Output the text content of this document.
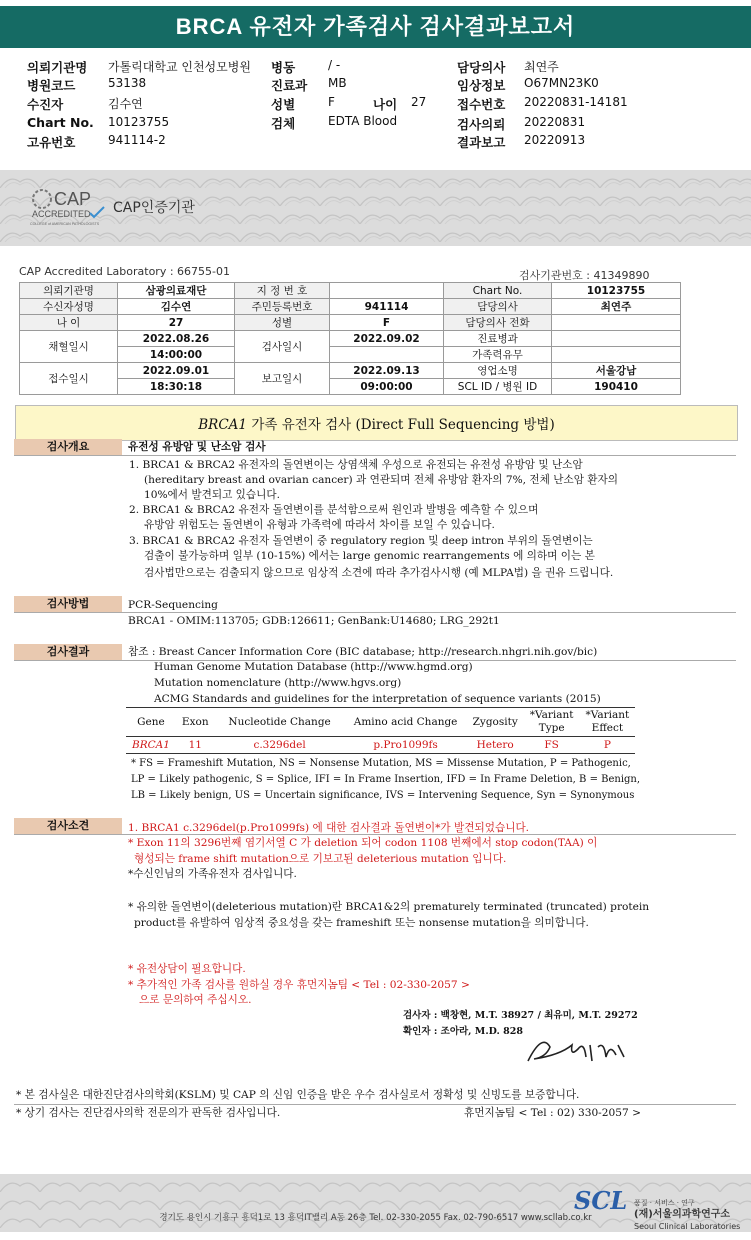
BRCA 유전자 가족검사 검사결과보고서
의뢰기관명 가톨릭대학교 인천성모병원 병동	/ -	담당의사 최연주
병원코드	53138	진료과 MB	임상정보 O67MN23K0
수진자	김수연	성별	F	나이 27 접수번호 20220831-14181
Chart No. 10123755	검체	EDTA Blood	검사의뢰 20220831
고유번호	941114-2	결과보고 20220913
CAP
ACCREDITED
COLLEGE of AMERICAN PATHOLOGISTS
CAP인증기관
CAP Accredited Laboratory : 66755-01	검사기관번호 : 41349890
의뢰기관명	삼광의료재단	지 정 번 호		Chart No.	10123755
수신자성명	김수연	주민등록번호	941114	담당의사	최연주
나 이	27	성별	F	담당의사 전화	
채혈일시	2022.08.26	검사일시	2022.09.02	진료병과	
	14:00:00			가족력유무	
접수일시	2022.09.01	보고일시	2022.09.13	영업소명	서울강남
	18:30:18		09:00:00	SCL ID / 병원 ID	190410
BRCA1 가족 유전자 검사 (Direct Full Sequencing 방법)
검사개요	유전성 유방암 및 난소암 검사
1. BRCA1 & BRCA2 유전자의 돌연변이는 상염색체 우성으로 유전되는 유전성 유방암 및 난소암
(hereditary breast and ovarian cancer) 과 연관되며 전체 유방암 환자의 7%, 전체 난소암 환자의
10%에서 발견되고 있습니다.
2. BRCA1 & BRCA2 유전자 돌연변이를 분석함으로써 원인과 발병을 예측할 수 있으며
유방암 위험도는 돌연변이 유형과 가족력에 따라서 차이를 보일 수 있습니다.
3. BRCA1 & BRCA2 유전자 돌연변이 중 regulatory region 및 deep intron 부위의 돌연변이는
검출이 불가능하며 일부 (10-15%) 에서는 large genomic rearrangements 에 의하며 이는 본
검사법만으로는 검출되지 않으므로 임상적 소견에 따라 추가검사시행 (예 MLPA법) 을 권유 드립니다.
검사방법	PCR-Sequencing
BRCA1 - OMIM:113705; GDB:126611; GenBank:U14680; LRG_292t1
검사결과	참조 : Breast Cancer Information Core (BIC database; http://research.nhgri.nih.gov/bic)
Human Genome Mutation Database (http://www.hgmd.org)
Mutation nomenclature (http://www.hgvs.org)
ACMG Standards and guidelines for the interpretation of sequence variants (2015)
Gene	Exon	Nucleotide Change	Amino acid Change	Zygosity	*Variant Type	*Variant Effect
BRCA1	11	c.3296del	p.Pro1099fs	Hetero	FS	P
* FS = Frameshift Mutation, NS = Nonsense Mutation, MS = Missense Mutation, P = Pathogenic,
LP = Likely pathogenic, S = Splice, IFI = In Frame Insertion, IFD = In Frame Deletion, B = Benign,
LB = Likely benign, US = Uncertain significance, IVS = Intervening Sequence, Syn = Synonymous
검사소견	1. BRCA1 c.3296del(p.Pro1099fs) 에 대한 검사결과 돌연변이*가 발견되었습니다.
* Exon 11의 3296번째 염기서열 C 가 deletion 되어 codon 1108 번째에서 stop codon(TAA) 이
형성되는 frame shift mutation으로 기보고된 deleterious mutation 입니다.
*수신인님의 가족유전자 검사입니다.
* 유의한 돌연변이(deleterious mutation)란 BRCA1&2의 prematurely terminated (truncated) protein
product를 유발하여 임상적 중요성을 갖는 frameshift 또는 nonsense mutation을 의미합니다.
* 유전상담이 필요합니다.
* 추가적인 가족 검사를 원하실 경우 휴먼지놈팀 < Tel : 02-330-2057 >
으로 문의하여 주십시오.
검사자 : 백창현, M.T. 38927 / 최유미, M.T. 29272
확인자 : 조아라, M.D. 828
* 본 검사실은 대한진단검사의학회(KSLM) 및 CAP 의 신임 인증을 받은 우수 검사실로서 정확성 및 신빙도를 보증합니다.
* 상기 검사는 진단검사의학 전문의가 판독한 검사입니다.	휴먼지놈팀 < Tel : 02) 330-2057 >
SCL 품질 · 서비스 · 연구
(재)서울의과학연구소
Seoul Clinical Laboratories
경기도 용인시 기흥구 흥덕1로 13 흥덕IT밸리 A동 26층 Tel. 02-330-2055 Fax. 02-790-6517 www.scllab.co.kr
